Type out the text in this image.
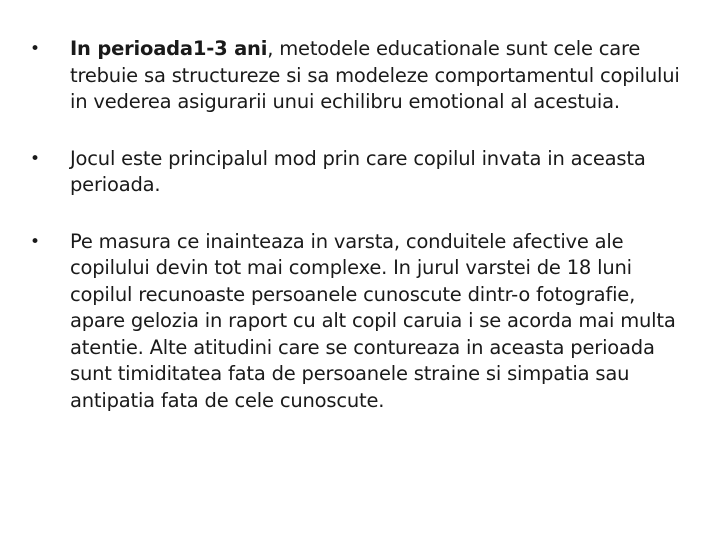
•	In perioada1-3 ani, metodele educationale sunt cele care trebuie sa structureze si sa modeleze comportamentul copilului in vederea asigurarii unui echilibru emotional al acestuia.
•	Jocul este principalul mod prin care copilul invata in aceasta perioada.
•	Pe masura ce inainteaza in varsta, conduitele afective ale copilului devin tot mai complexe. In jurul varstei de 18 luni copilul recunoaste persoanele cunoscute dintr-o fotografie, apare gelozia in raport cu alt copil caruia i se acorda mai multa atentie. Alte atitudini care se contureaza in aceasta perioada sunt timiditatea fata de persoanele straine si simpatia sau antipatia fata de cele cunoscute.
